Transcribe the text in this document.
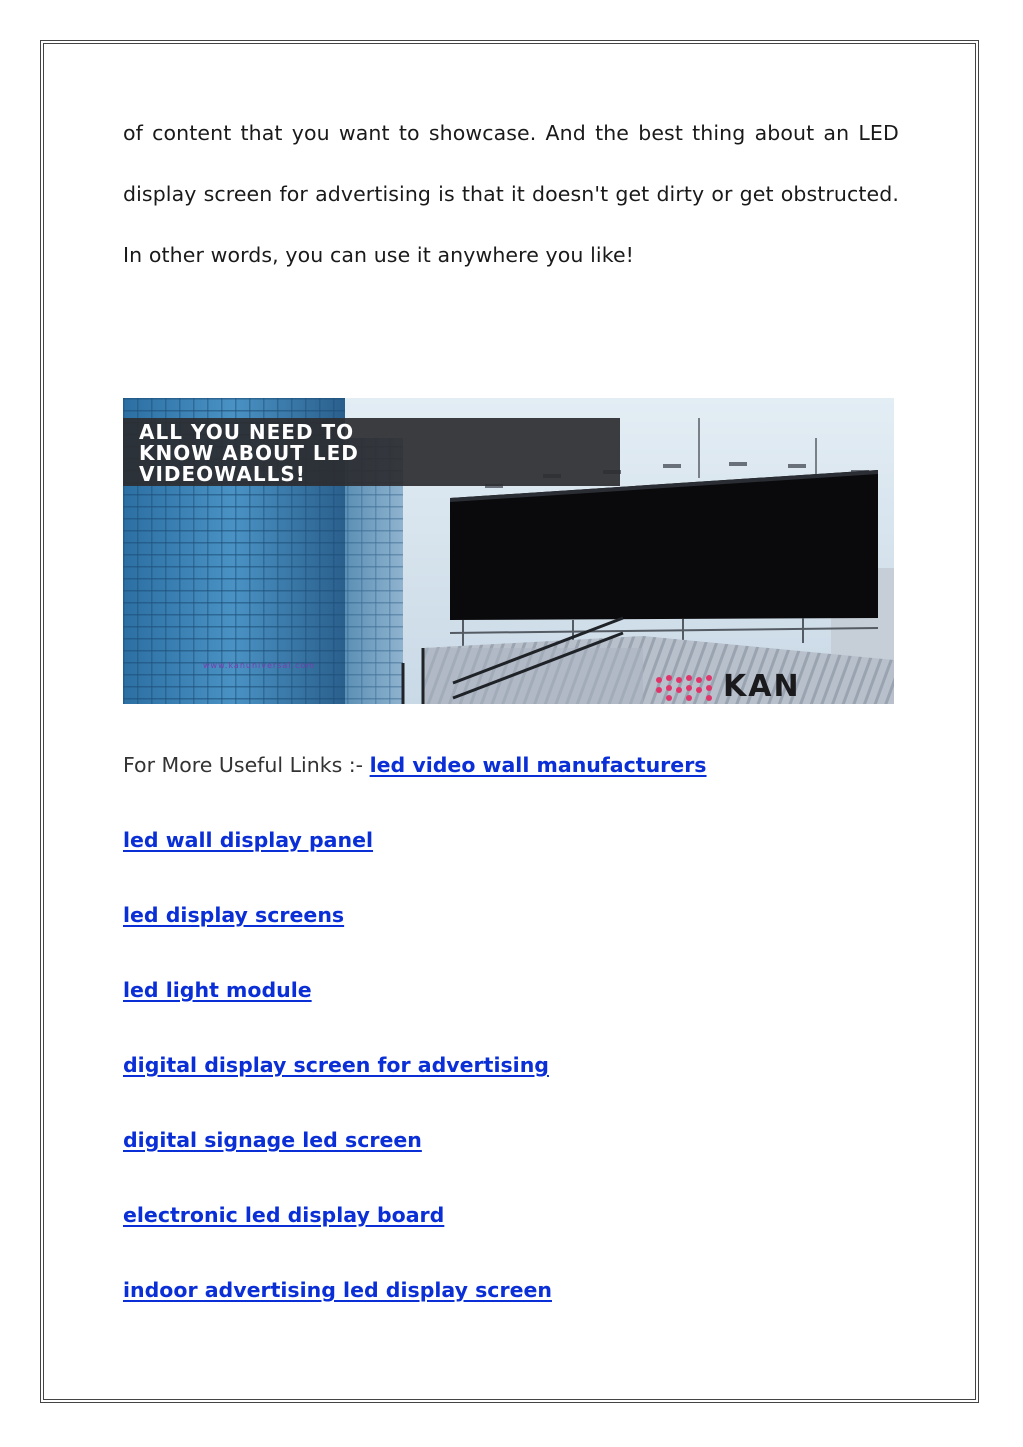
of content that you want to showcase. And the best thing about an LED
display screen for advertising is that it doesn't get dirty or get obstructed.
In other words, you can use it anywhere you like!
ALL YOU NEED TO
KNOW ABOUT LED
VIDEOWALLS!
www.kanuniversal.com
KAN
For More Useful Links :- led video wall manufacturers
led wall display panel
led display screens
led light module
digital display screen for advertising
digital signage led screen
electronic led display board
indoor advertising led display screen
